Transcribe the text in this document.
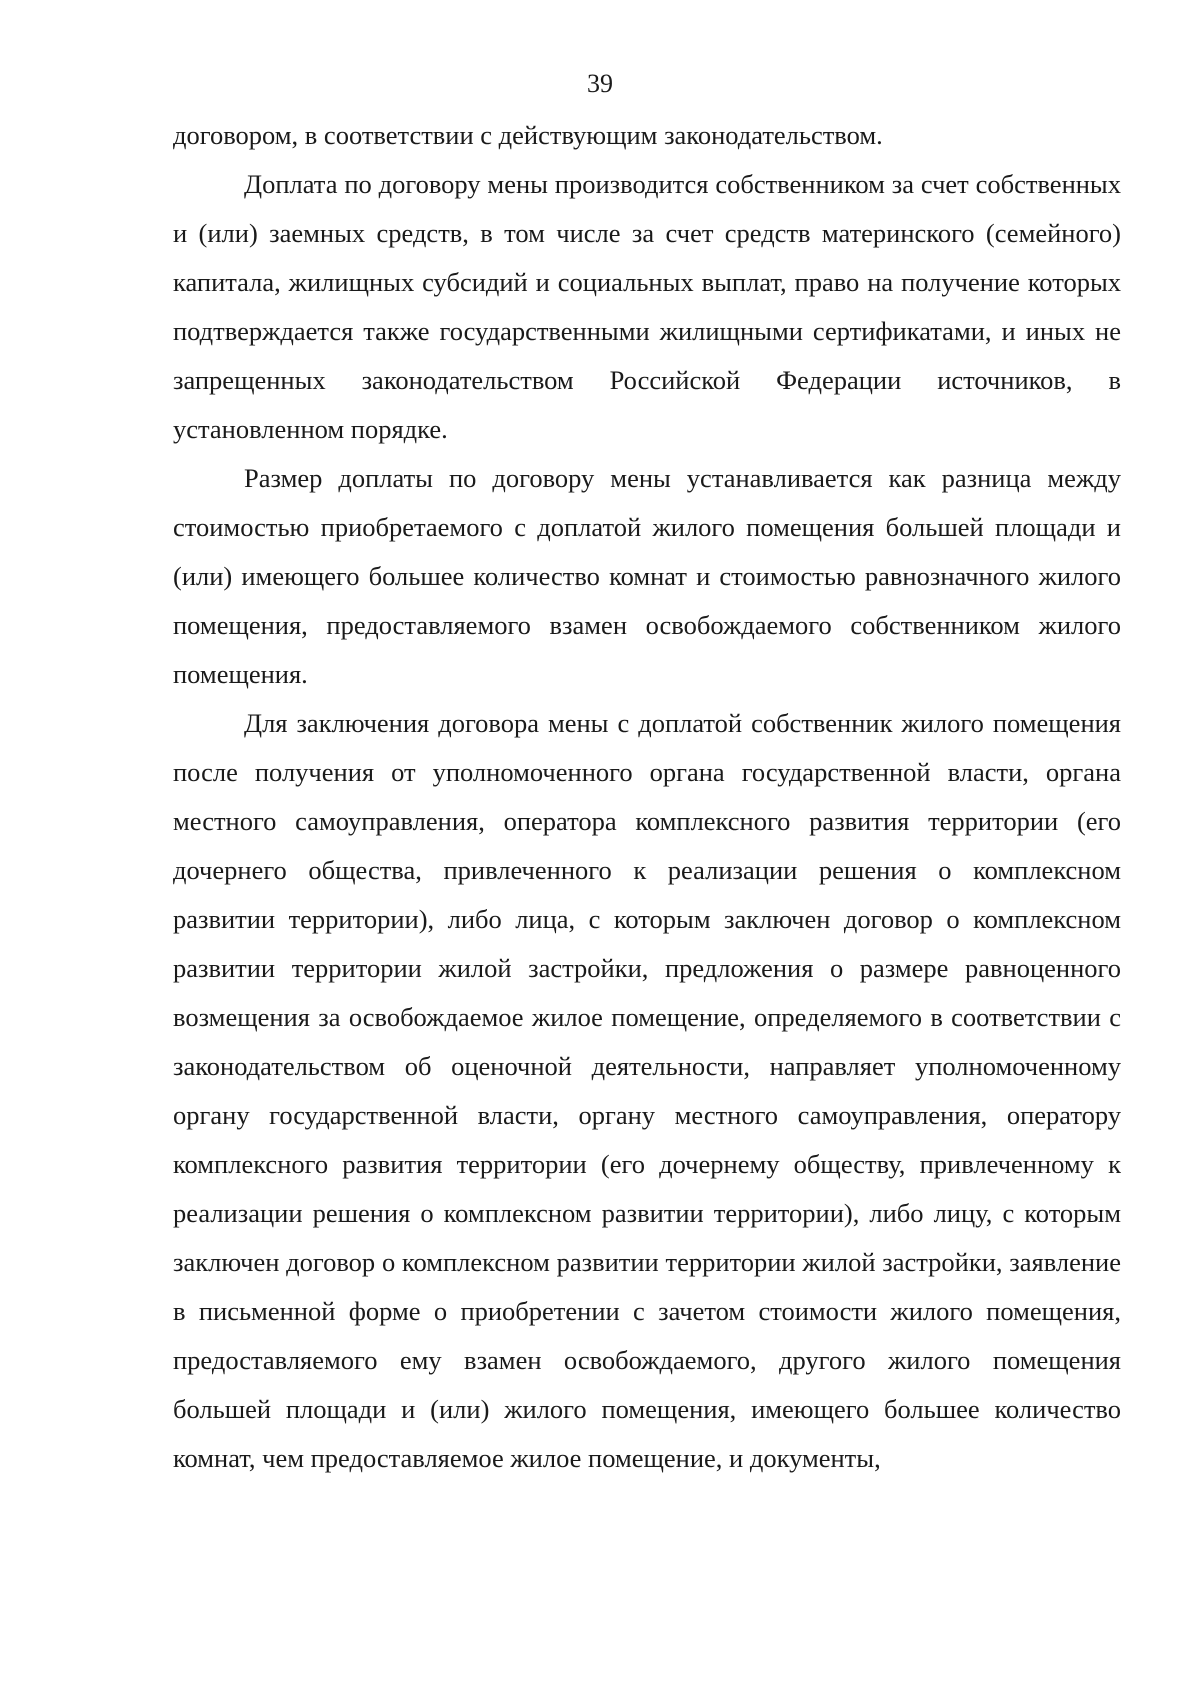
39

договором, в соответствии с действующим законодательством.

Доплата по договору мены производится собственником за счет собственных и (или) заемных средств, в том числе за счет средств материнского (семейного) капитала, жилищных субсидий и социальных выплат, право на получение которых подтверждается также государственными жилищными сертификатами, и иных не запрещенных законодательством Российской Федерации источников, в установленном порядке.

Размер доплаты по договору мены устанавливается как разница между стоимостью приобретаемого с доплатой жилого помещения большей площади и (или) имеющего большее количество комнат и стоимостью равнозначного жилого помещения, предоставляемого взамен освобождаемого собственником жилого помещения.

Для заключения договора мены с доплатой собственник жилого помещения после получения от уполномоченного органа государственной власти, органа местного самоуправления, оператора комплексного развития территории (его дочернего общества, привлеченного к реализации решения о комплексном развитии территории), либо лица, с которым заключен договор о комплексном развитии территории жилой застройки, предложения о размере равноценного возмещения за освобождаемое жилое помещение, определяемого в соответствии с законодательством об оценочной деятельности, направляет уполномоченному органу государственной власти, органу местного самоуправления, оператору комплексного развития территории (его дочернему обществу, привлеченному к реализации решения о комплексном развитии территории), либо лицу, с которым заключен договор о комплексном развитии территории жилой застройки, заявление в письменной форме о приобретении с зачетом стоимости жилого помещения, предоставляемого ему взамен освобождаемого, другого жилого помещения большей площади и (или) жилого помещения, имеющего большее количество комнат, чем предоставляемое жилое помещение, и документы,
